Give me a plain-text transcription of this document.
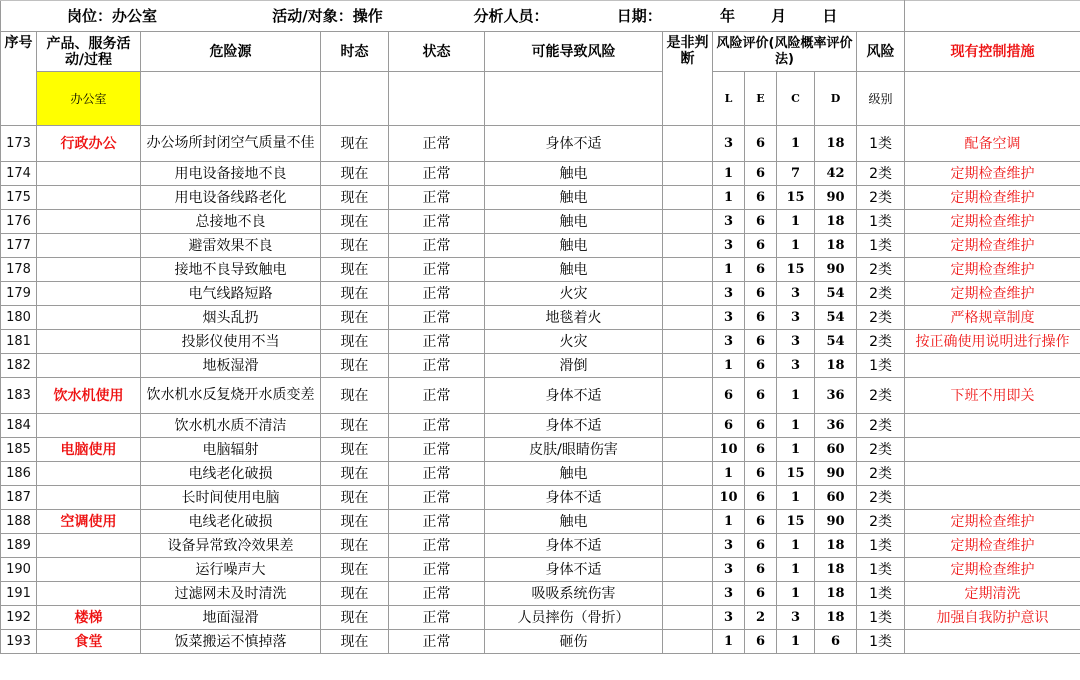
岗位：办公室 活动/对象：操作 分析人员： 日期： 年 月 日												
序号	产品、服务活动/过程	危险源	时态	状态	可能导致风险	是非判断	风险评价(风险概率评价法)				风险	现有控制措施
	办公室						L	E	C	D	级别	
173	行政办公	办公场所封闭空气质量不佳	现在	正常	身体不适		3	6	1	18	1类	配备空调
174		用电设备接地不良	现在	正常	触电		1	6	7	42	2类	定期检查维护
175		用电设备线路老化	现在	正常	触电		1	6	15	90	2类	定期检查维护
176		总接地不良	现在	正常	触电		3	6	1	18	1类	定期检查维护
177		避雷效果不良	现在	正常	触电		3	6	1	18	1类	定期检查维护
178		接地不良导致触电	现在	正常	触电		1	6	15	90	2类	定期检查维护
179		电气线路短路	现在	正常	火灾		3	6	3	54	2类	定期检查维护
180		烟头乱扔	现在	正常	地毯着火		3	6	3	54	2类	严格规章制度
181		投影仪使用不当	现在	正常	火灾		3	6	3	54	2类	按正确使用说明进行操作
182		地板湿滑	现在	正常	滑倒		1	6	3	18	1类	
183	饮水机使用	饮水机水反复烧开水质变差	现在	正常	身体不适		6	6	1	36	2类	下班不用即关
184		饮水机水质不清洁	现在	正常	身体不适		6	6	1	36	2类	
185	电脑使用	电脑辐射	现在	正常	皮肤/眼睛伤害		10	6	1	60	2类	
186		电线老化破损	现在	正常	触电		1	6	15	90	2类	
187		长时间使用电脑	现在	正常	身体不适		10	6	1	60	2类	
188	空调使用	电线老化破损	现在	正常	触电		1	6	15	90	2类	定期检查维护
189		设备异常致冷效果差	现在	正常	身体不适		3	6	1	18	1类	定期检查维护
190		运行噪声大	现在	正常	身体不适		3	6	1	18	1类	定期检查维护
191		过滤网未及时清洗	现在	正常	吸吸系统伤害		3	6	1	18	1类	定期清洗
192	楼梯	地面湿滑	现在	正常	人员摔伤（骨折）		3	2	3	18	1类	加强自我防护意识
193	食堂	饭菜搬运不慎掉落	现在	正常	砸伤		1	6	1	6	1类	
